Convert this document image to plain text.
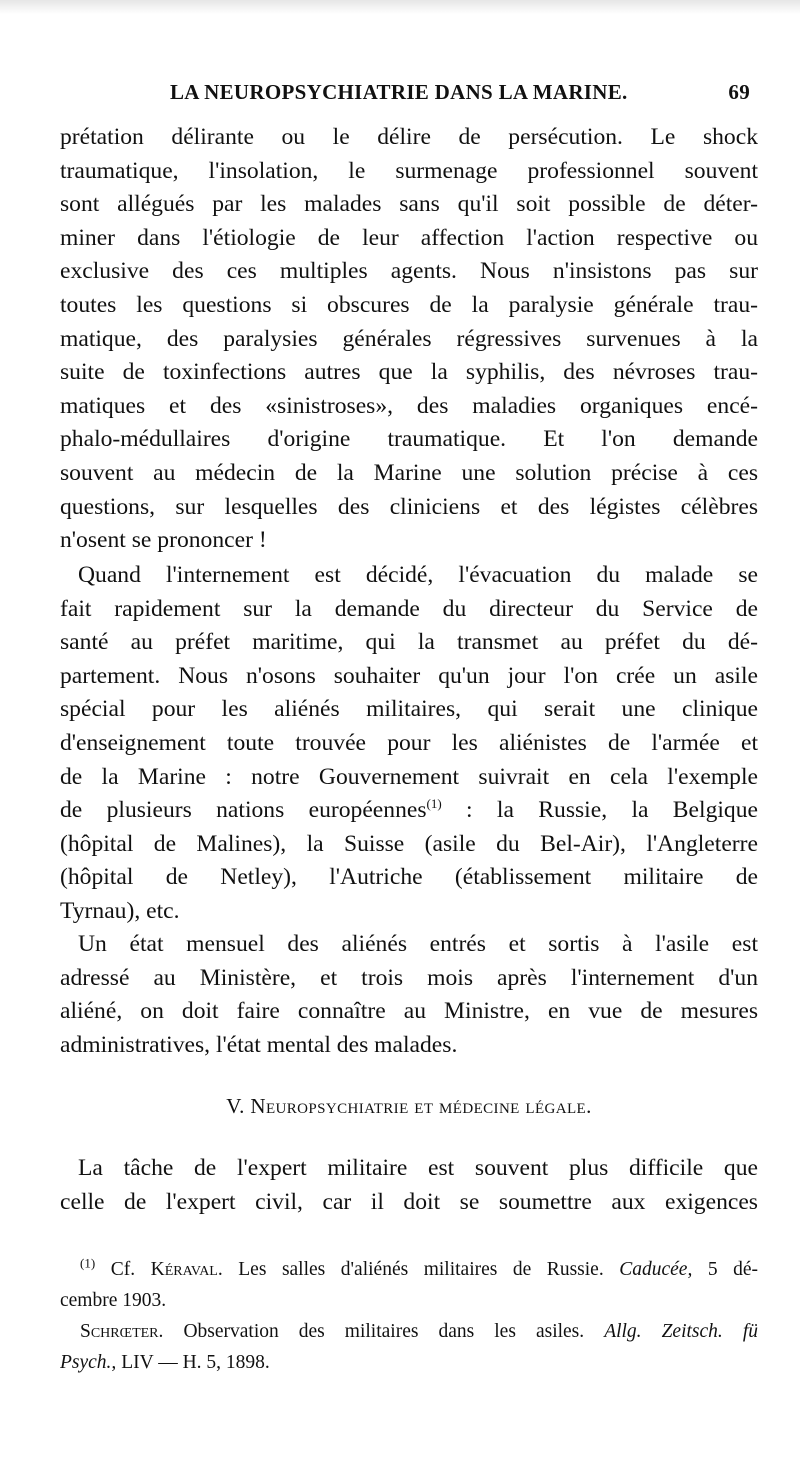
LA NEUROPSYCHIATRIE DANS LA MARINE.	69
prétation délirante ou le délire de persécution. Le shock
traumatique, l'insolation, le surmenage professionnel souvent
sont allégués par les malades sans qu'il soit possible de déter-
miner dans l'étiologie de leur affection l'action respective ou
exclusive des ces multiples agents. Nous n'insistons pas sur
toutes les questions si obscures de la paralysie générale trau-
matique, des paralysies générales régressives survenues à la
suite de toxinfections autres que la syphilis, des névroses trau-
matiques et des «sinistroses», des maladies organiques encé-
phalo-médullaires d'origine traumatique. Et l'on demande
souvent au médecin de la Marine une solution précise à ces
questions, sur lesquelles des cliniciens et des légistes célèbres
n'osent se prononcer !
Quand l'internement est décidé, l'évacuation du malade se
fait rapidement sur la demande du directeur du Service de
santé au préfet maritime, qui la transmet au préfet du dé-
partement. Nous n'osons souhaiter qu'un jour l'on crée un asile
spécial pour les aliénés militaires, qui serait une clinique
d'enseignement toute trouvée pour les aliénistes de l'armée et
de la Marine : notre Gouvernement suivrait en cela l'exemple
de plusieurs nations européennes$^{(1)}$ : la Russie, la Belgique
(hôpital de Malines), la Suisse (asile du Bel-Air), l'Angleterre
(hôpital de Netley), l'Autriche (établissement militaire de
Tyrnau), etc.
Un état mensuel des aliénés entrés et sortis à l'asile est
adressé au Ministère, et trois mois après l'internement d'un
aliéné, on doit faire connaître au Ministre, en vue de mesures
administratives, l'état mental des malades.
V. Neuropsychiatrie et médecine légale.
La tâche de l'expert militaire est souvent plus difficile que
celle de l'expert civil, car il doit se soumettre aux exigences
$^{(1)}$ Cf. Kéraval. Les salles d'aliénés militaires de Russie. Caducée, 5 dé-
cembre 1903.
Schrœter. Observation des militaires dans les asiles. Allg. Zeitsch. fü
Psych., LIV — H. 5, 1898.
